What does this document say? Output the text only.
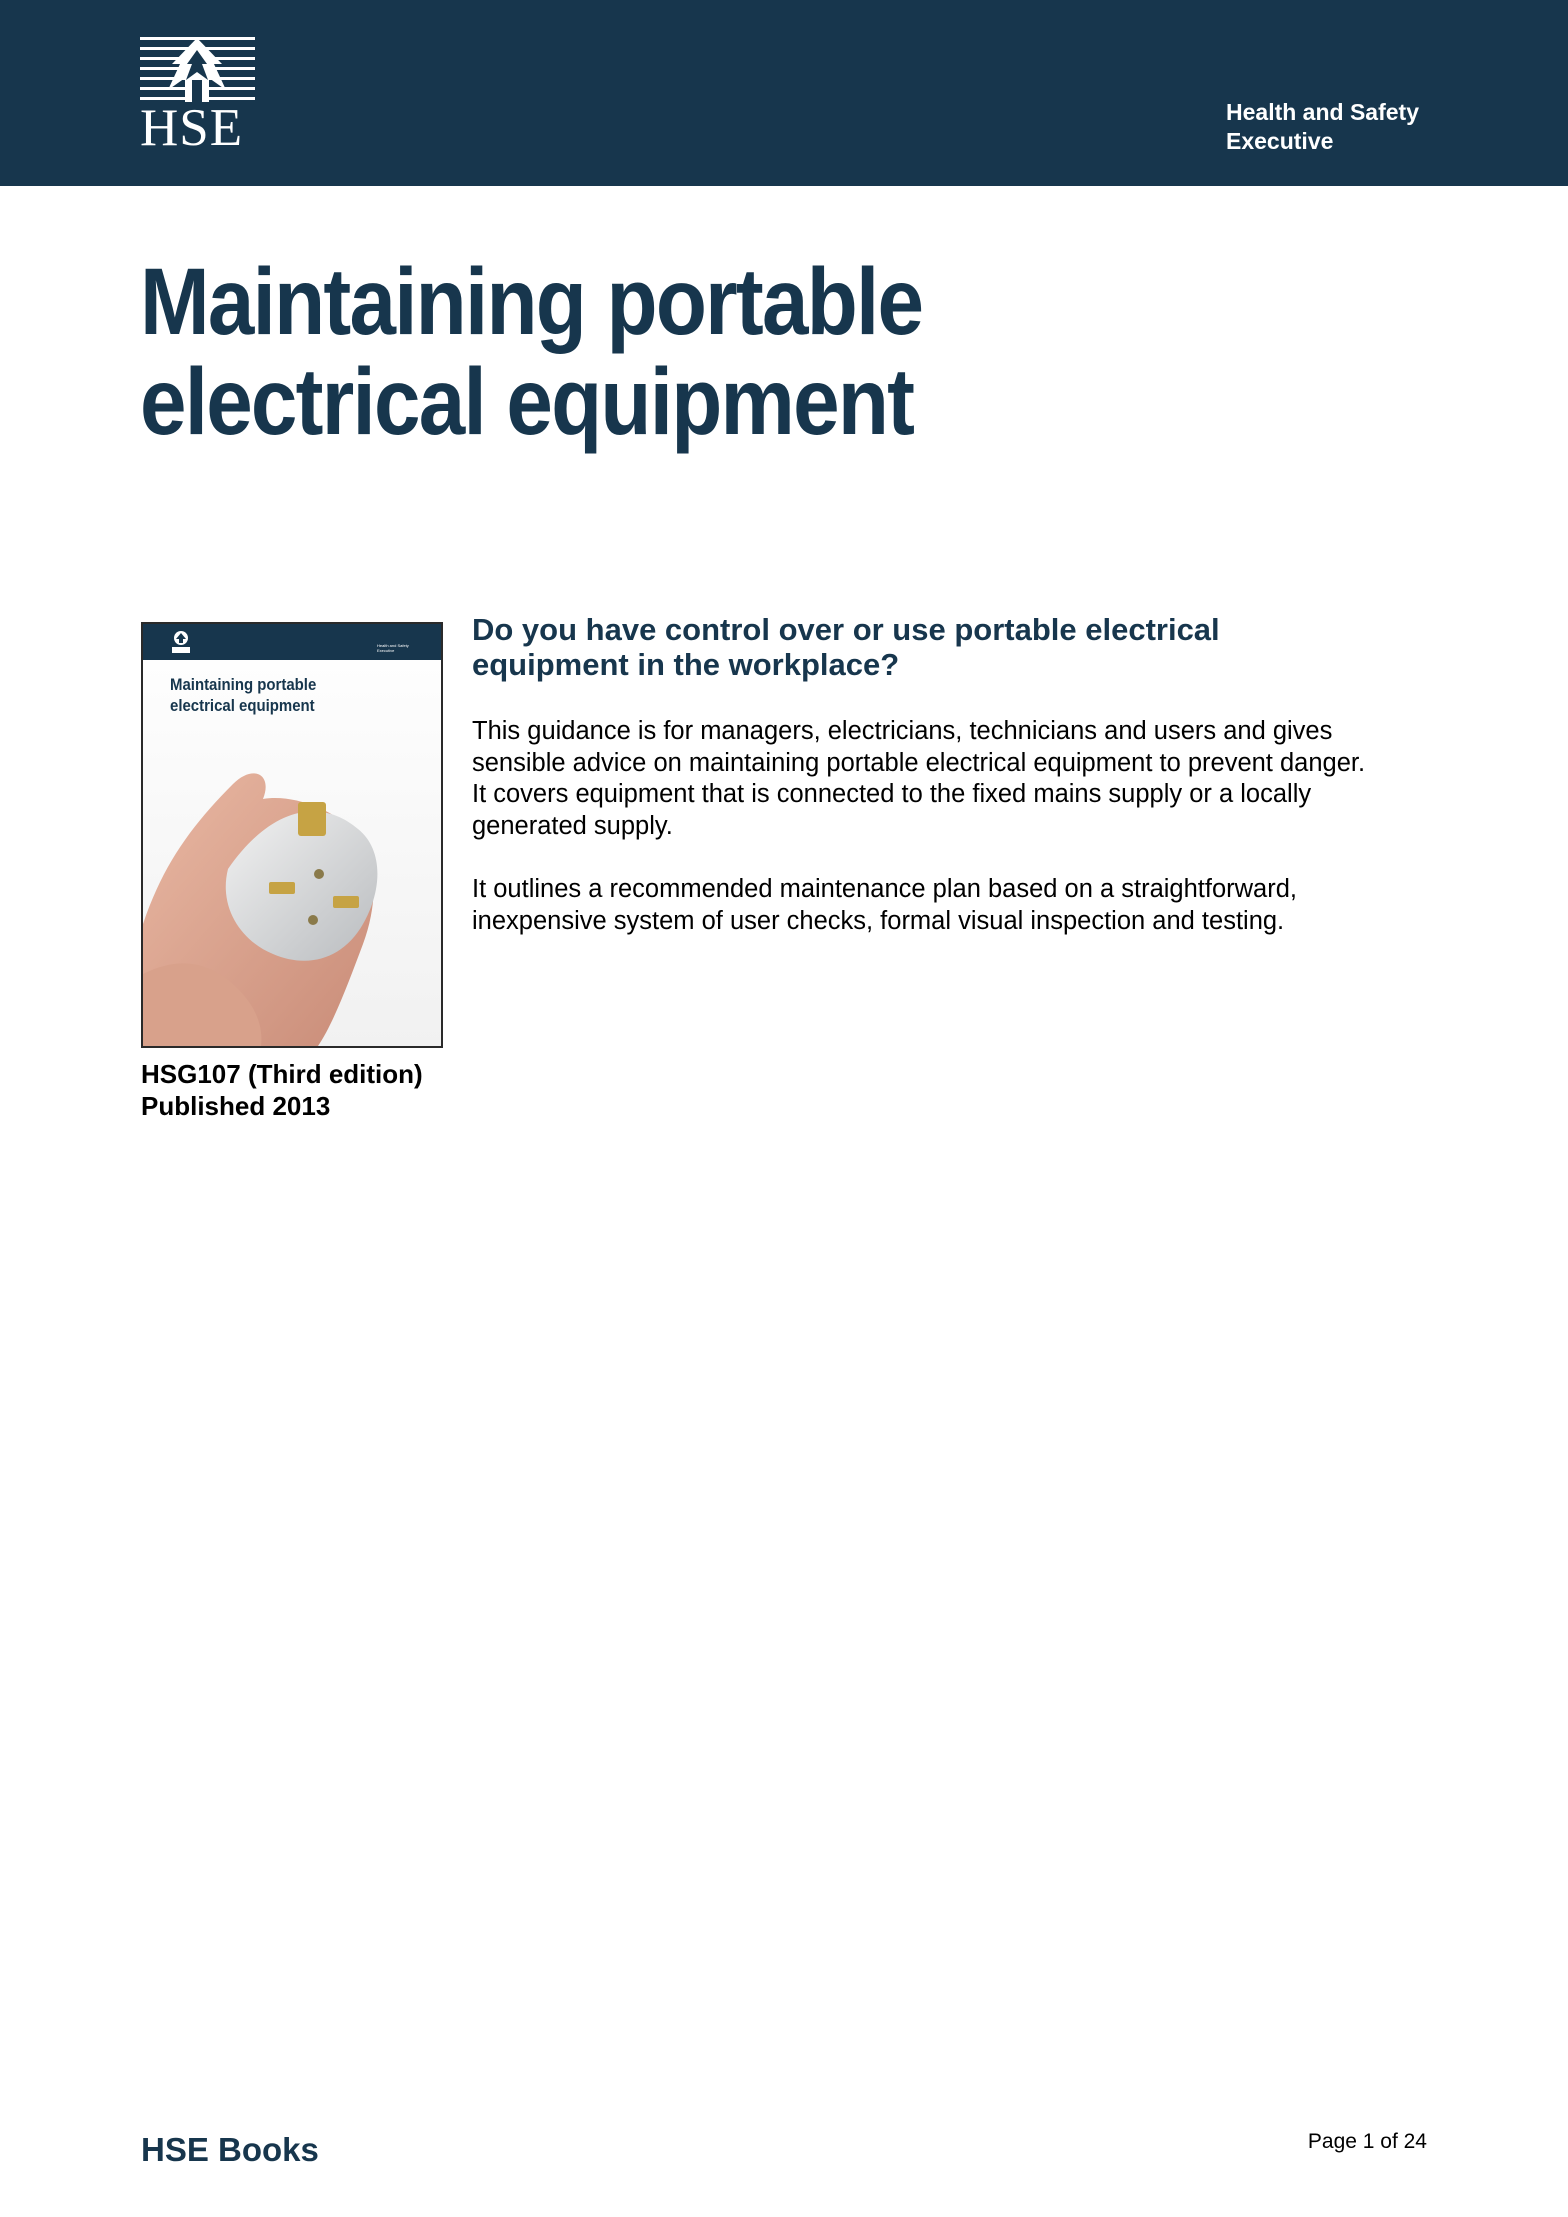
HSE	Health and Safety
Executive
Maintaining portable
electrical equipment
Health and Safety
Executive
Maintaining portable
electrical equipment
HSG107 (Third edition)
Published 2013
Do you have control over or use portable electrical
equipment in the workplace?

This guidance is for managers, electricians, technicians and users and gives
sensible advice on maintaining portable electrical equipment to prevent danger.
It covers equipment that is connected to the fixed mains supply or a locally
generated supply.

It outlines a recommended maintenance plan based on a straightforward,
inexpensive system of user checks, formal visual inspection and testing.

HSE Books	Page 1 of 24
